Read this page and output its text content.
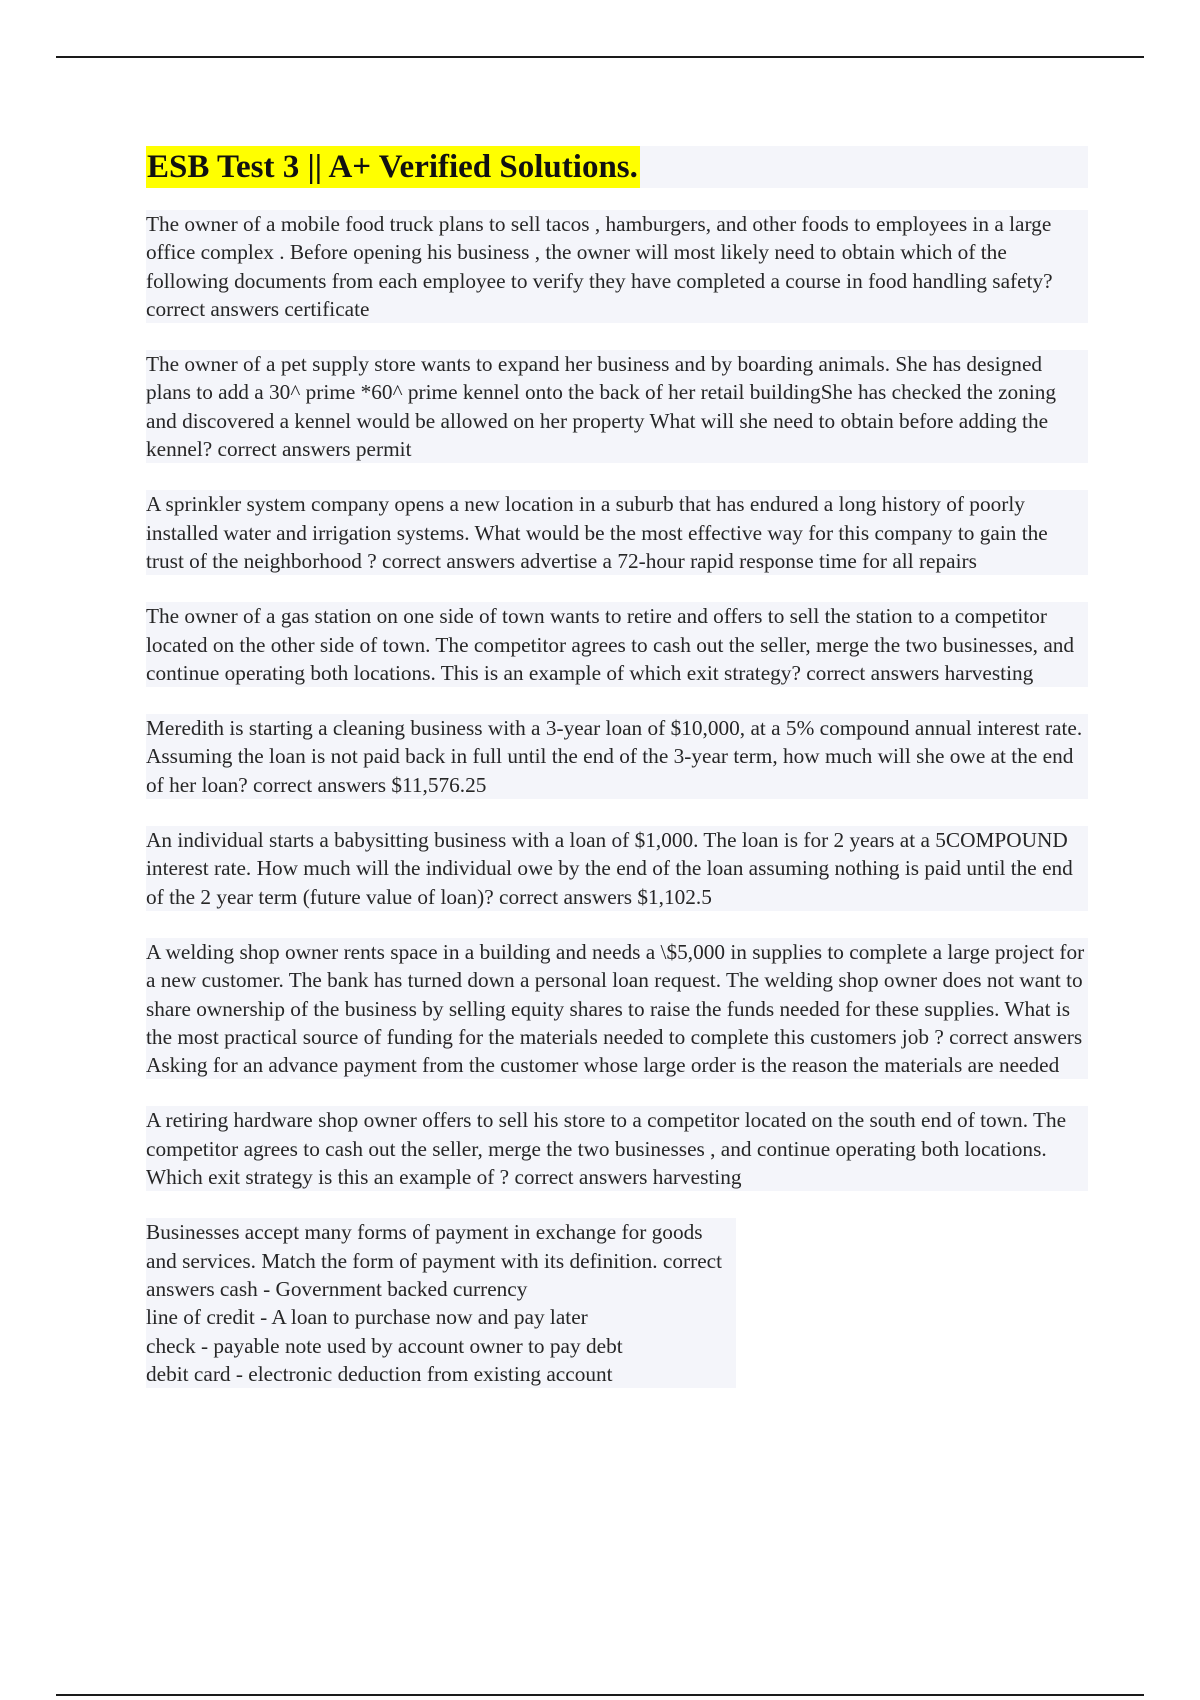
ESB Test 3 || A+ Verified Solutions.

The owner of a mobile food truck plans to sell tacos , hamburgers, and other foods to employees in a large office complex . Before opening his business , the owner will most likely need to obtain which of the following documents from each employee to verify they have completed a course in food handling safety? correct answers certificate

The owner of a pet supply store wants to expand her business and by boarding animals. She has designed plans to add a 30^ prime *60^ prime kennel onto the back of her retail buildingShe has checked the zoning and discovered a kennel would be allowed on her property What will she need to obtain before adding the kennel? correct answers permit

A sprinkler system company opens a new location in a suburb that has endured a long history of poorly installed water and irrigation systems. What would be the most effective way for this company to gain the trust of the neighborhood ? correct answers advertise a 72-hour rapid response time for all repairs

The owner of a gas station on one side of town wants to retire and offers to sell the station to a competitor located on the other side of town. The competitor agrees to cash out the seller, merge the two businesses, and continue operating both locations. This is an example of which exit strategy? correct answers harvesting

Meredith is starting a cleaning business with a 3-year loan of $10,000, at a 5% compound annual interest rate. Assuming the loan is not paid back in full until the end of the 3-year term, how much will she owe at the end of her loan? correct answers $11,576.25

An individual starts a babysitting business with a loan of $1,000. The loan is for 2 years at a 5COMPOUND interest rate. How much will the individual owe by the end of the loan assuming nothing is paid until the end of the 2 year term (future value of loan)? correct answers $1,102.5

A welding shop owner rents space in a building and needs a \$5,000 in supplies to complete a large project for a new customer. The bank has turned down a personal loan request. The welding shop owner does not want to share ownership of the business by selling equity shares to raise the funds needed for these supplies. What is the most practical source of funding for the materials needed to complete this customers job ? correct answers Asking for an advance payment from the customer whose large order is the reason the materials are needed

A retiring hardware shop owner offers to sell his store to a competitor located on the south end of town. The competitor agrees to cash out the seller, merge the two businesses , and continue operating both locations. Which exit strategy is this an example of ? correct answers harvesting

Businesses accept many forms of payment in exchange for goods and services. Match the form of payment with its definition. correct answers cash - Government backed currency
line of credit - A loan to purchase now and pay later
check - payable note used by account owner to pay debt
debit card - electronic deduction from existing account
